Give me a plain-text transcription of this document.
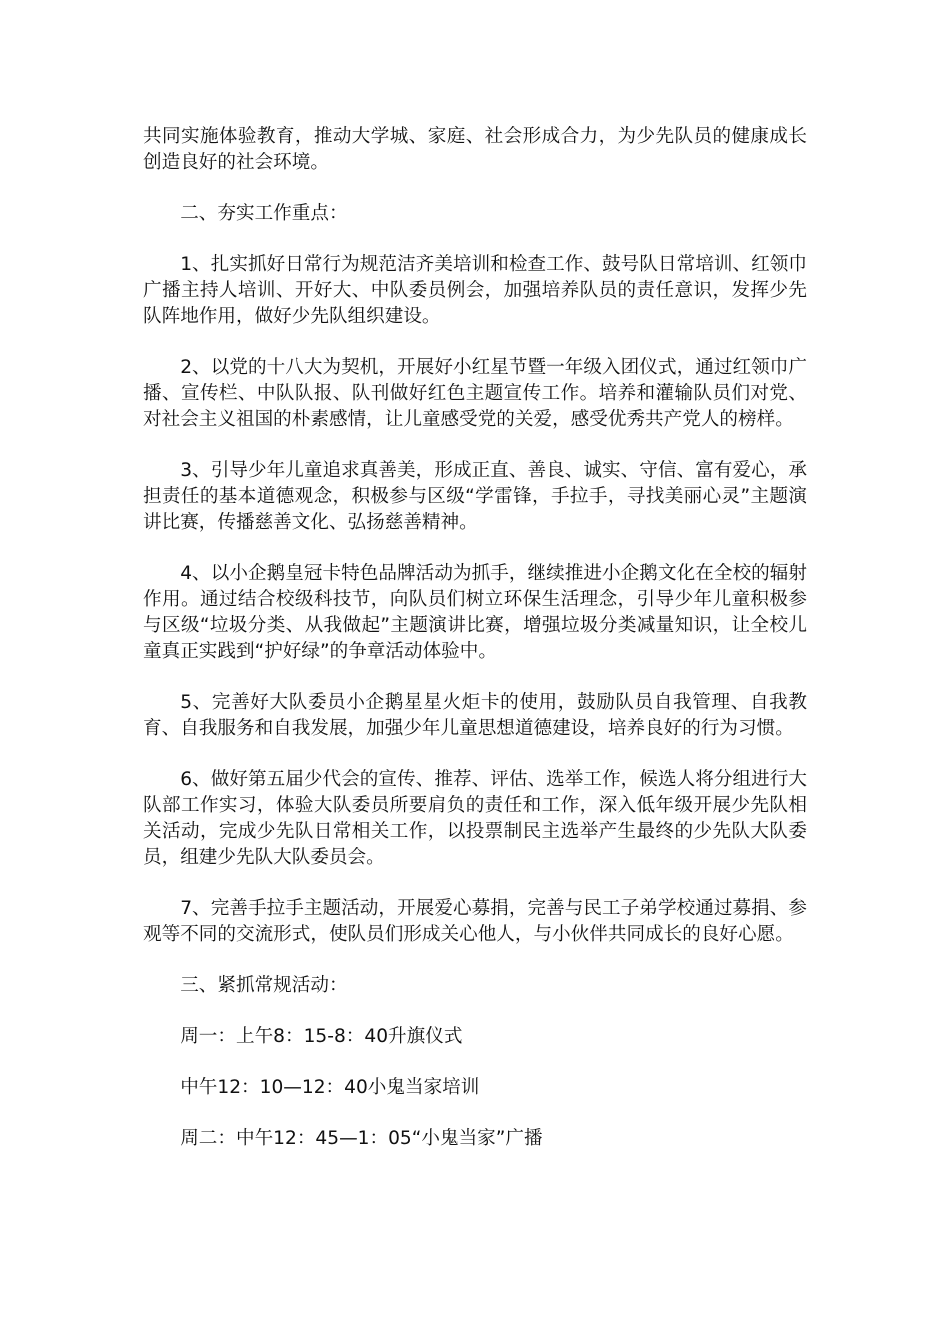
共同实施体验教育，推动大学城、家庭、社会形成合力，为少先队员的健康成长创造良好的社会环境。

二、夯实工作重点：

1、扎实抓好日常行为规范洁齐美培训和检查工作、鼓号队日常培训、红领巾广播主持人培训、开好大、中队委员例会，加强培养队员的责任意识，发挥少先队阵地作用，做好少先队组织建设。

2、以党的十八大为契机，开展好小红星节暨一年级入团仪式，通过红领巾广播、宣传栏、中队队报、队刊做好红色主题宣传工作。培养和灌输队员们对党、对社会主义祖国的朴素感情，让儿童感受党的关爱，感受优秀共产党人的榜样。

3、引导少年儿童追求真善美，形成正直、善良、诚实、守信、富有爱心，承担责任的基本道德观念，积极参与区级“学雷锋，手拉手，寻找美丽心灵”主题演讲比赛，传播慈善文化、弘扬慈善精神。

4、以小企鹅皇冠卡特色品牌活动为抓手，继续推进小企鹅文化在全校的辐射作用。通过结合校级科技节，向队员们树立环保生活理念，引导少年儿童积极参与区级“垃圾分类、从我做起”主题演讲比赛，增强垃圾分类减量知识，让全校儿童真正实践到“护好绿”的争章活动体验中。

5、完善好大队委员小企鹅星星火炬卡的使用，鼓励队员自我管理、自我教育、自我服务和自我发展，加强少年儿童思想道德建设，培养良好的行为习惯。

6、做好第五届少代会的宣传、推荐、评估、选举工作，候选人将分组进行大队部工作实习，体验大队委员所要肩负的责任和工作，深入低年级开展少先队相关活动，完成少先队日常相关工作，以投票制民主选举产生最终的少先队大队委员，组建少先队大队委员会。

7、完善手拉手主题活动，开展爱心募捐，完善与民工子弟学校通过募捐、参观等不同的交流形式，使队员们形成关心他人，与小伙伴共同成长的良好心愿。

三、紧抓常规活动：

周一：上午8：15-8：40升旗仪式

中午12：10—12：40小鬼当家培训

周二：中午12：45—1：05“小鬼当家”广播
